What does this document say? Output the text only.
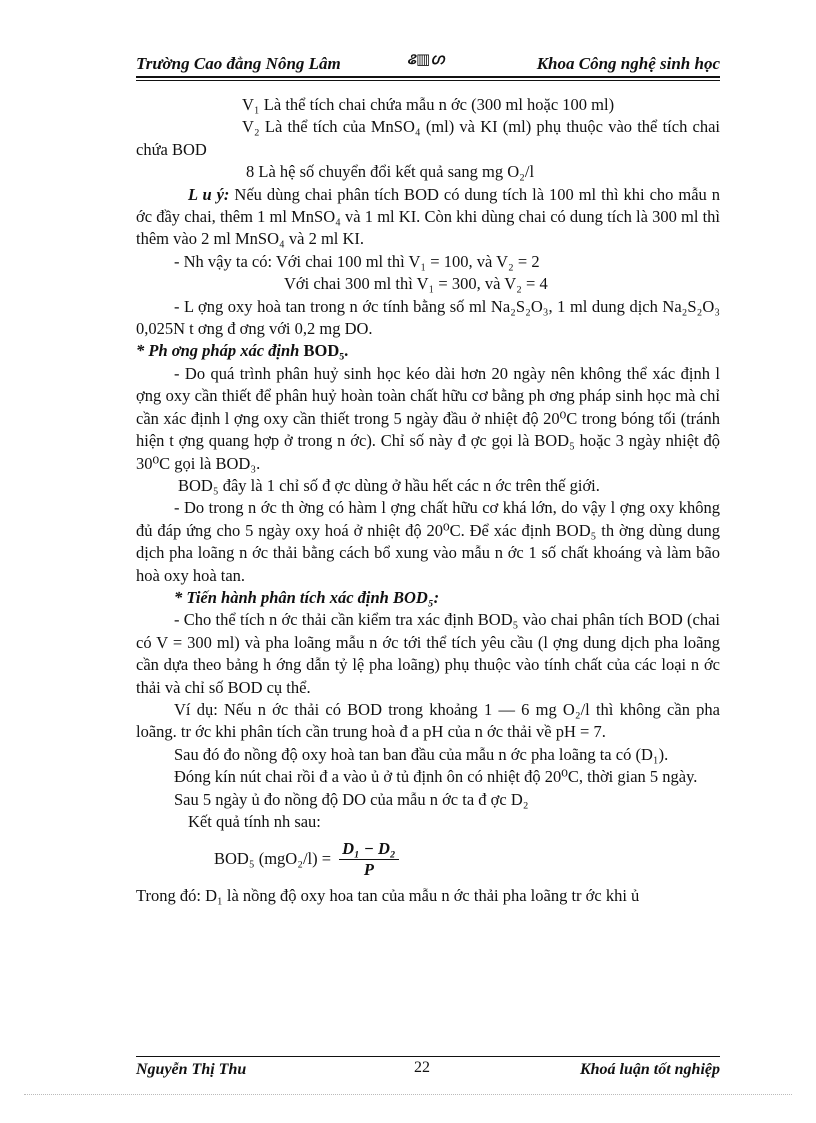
Trường Cao đẳng Nông Lâm	ଌ▥ഗ	Khoa Công nghệ sinh học

V₁ Là thể tích chai chứa mẫu n ớc (300 ml hoặc 100 ml)

V₂ Là thể tích của MnSO₄ (ml) và KI (ml) phụ thuộc vào thể tích chai chứa BOD

8 Là hệ số chuyển đổi kết quả sang mg O₂/l

L u ý: Nếu dùng chai phân tích BOD có dung tích là 100 ml thì khi cho mẫu n ớc đầy chai, thêm 1 ml MnSO₄ và 1 ml KI. Còn khi dùng chai có dung tích là 300 ml thì thêm vào 2 ml MnSO₄ và 2 ml KI.

- Nh vậy ta có: Với chai 100 ml thì V₁ = 100, và V₂ = 2

Với chai 300 ml thì V₁ = 300, và V₂ = 4

- L ợng oxy hoà tan trong n ớc tính bằng số ml Na₂S₂O₃, 1 ml dung dịch Na₂S₂O₃ 0,025N t ơng đ ơng với 0,2 mg DO.

* Ph ơng pháp xác định BOD₅.

- Do quá trình phân huỷ sinh học kéo dài hơn 20 ngày nên không thể xác định l ợng oxy cần thiết để phân huỷ hoàn toàn chất hữu cơ bằng ph ơng pháp sinh học mà chỉ cần xác định l ợng oxy cần thiết trong 5 ngày đầu ở nhiệt độ 20⁰C trong bóng tối (tránh hiện t ợng quang hợp ở trong n ớc). Chỉ số này đ ợc gọi là BOD₅ hoặc 3 ngày nhiệt độ 30⁰C gọi là BOD₃.

BOD₅ đây là 1 chỉ số đ ợc dùng ở hầu hết các n ớc trên thế giới.

- Do trong n ớc th ờng có hàm l ợng chất hữu cơ khá lớn, do vậy l ợng oxy không đủ đáp ứng cho 5 ngày oxy hoá ở nhiệt độ 20⁰C. Để xác định BOD₅ th ờng dùng dung dịch pha loãng n ớc thải bằng cách bổ xung vào mẫu n ớc 1 số chất khoáng và làm bão hoà oxy hoà tan.

* Tiến hành phân tích xác định BOD₅:

- Cho thể tích n ớc thải cần kiểm tra xác định BOD₅ vào chai phân tích BOD (chai có V = 300 ml) và pha loãng mẫu n ớc tới thể tích yêu cầu (l ợng dung dịch pha loãng cần dựa theo bảng h ớng dẫn tỷ lệ pha loãng) phụ thuộc vào tính chất của các loại n ớc thải và chỉ số BOD cụ thể.

Ví dụ: Nếu n ớc thải có BOD trong khoảng 1 — 6 mg O₂/l thì không cần pha loãng. tr ớc khi phân tích cần trung hoà đ a pH của n ớc thải về pH = 7.

Sau đó đo nồng độ oxy hoà tan ban đầu của mẫu n ớc pha loãng ta có (D₁).

Đóng kín nút chai rồi đ a vào ủ ở tủ định ôn có nhiệt độ 20⁰C, thời gian 5 ngày.

Sau 5 ngày ủ đo nồng độ DO của mẫu n ớc ta đ ợc D₂

Kết quả tính nh sau:

BOD₅ $(mgO_2/l) = \frac{\text{D₁ − D₂}}{P}$

Trong đó: D₁ là nồng độ oxy hoa tan của mẫu n ớc thải pha loãng tr ớc khi ủ

Nguyễn Thị Thu	22	Khoá luận tốt nghiệp
